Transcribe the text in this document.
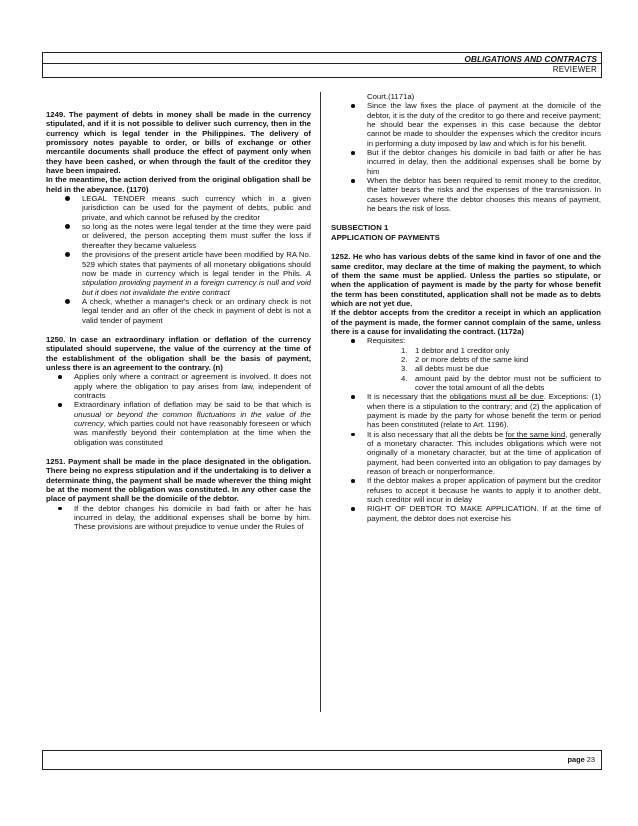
OBLIGATIONS AND CONTRACTS
REVIEWER

1249. The payment of debts in money shall be made in the currency stipulated, and if it is not possible to deliver such currency, then in the currency which is legal tender in the Philippines. The delivery of promissory notes payable to order, or bills of exchange or other mercantile documents shall produce the effect of payment only when they have been cashed, or when through the fault of the creditor they have been impaired.

In the meantime, the action derived from the original obligation shall be held in the abeyance. (1170)

LEGAL TENDER means such currency which in a given jurisdiction can be used for the payment of debts, public and private, and which cannot be refused by the creditor
so long as the notes were legal tender at the time they were paid or delivered, the person accepting them must suffer the loss if thereafter they became valueless
the provisions of the present article have been modified by RA No. 529 which states that payments of all monetary obligations should now be made in currency which is legal tender in the Phils. A stipulation providing payment in a foreign currency is null and void but it does not invalidate the entire contract
A check, whether a manager's check or an ordinary check is not legal tender and an offer of the check in payment of debt is not a valid tender of payment

1250. In case an extraordinary inflation or deflation of the currency stipulated should supervene, the value of the currency at the time of the establishment of the obligation shall be the basis of payment, unless there is an agreement to the contrary. (n)

Applies only where a contract or agreement is involved. It does not apply where the obligation to pay arises from law, independent of contracts
Extraordinary inflation of deflation may be said to be that which is unusual or beyond the common fluctuations in the value of the currency, which parties could not have reasonably foreseen or which was manifestly beyond their contemplation at the time when the obligation was constituted

1251. Payment shall be made in the place designated in the obligation. There being no express stipulation and if the undertaking is to deliver a determinate thing, the payment shall be made wherever the thing might be at the moment the obligation was constituted. In any other case the place of payment shall be the domicile of the debtor.

If the debtor changes his domicile in bad faith or after he has incurred in delay, the additional expenses shall be borne by him. These provisions are without prejudice to venue under the Rules of

Court.(1171a)

Since the law fixes the place of payment at the domicile of the debtor, it is the duty of the creditor to go there and receive payment; he should bear the expenses in this case because the debtor cannot be made to shoulder the expenses which the creditor incurs in performing a duty imposed by law and which is for his benefit.
But if the debtor changes his domicile in bad faith or after he has incurred in delay, then the additional expenses shall be borne by him
When the debtor has been required to remit money to the creditor, the latter bears the risks and the expenses of the transmission. In cases however where the debtor chooses this means of payment, he bears the risk of loss.

SUBSECTION 1

APPLICATION OF PAYMENTS

1252. He who has various debts of the same kind in favor of one and the same creditor, may declare at the time of making the payment, to which of them the same must be applied. Unless the parties so stipulate, or when the application of payment is made by the party for whose benefit the term has been constituted, application shall not be made as to debts which are not yet due.

If the debtor accepts from the creditor a receipt in which an application of the payment is made, the former cannot complain of the same, unless there is a cause for invalidating the contract. (1172a)

Requisites:
1. 1 debtor and 1 creditor only
2. 2 or more debts of the same kind
3. all debts must be due
4. amount paid by the debtor must not be sufficient to cover the total amount of all the debts
It is necessary that the obligations must all be due. Exceptions: (1) when there is a stipulation to the contrary; and (2) the application of payment is made by the party for whose benefit the term or period has been constituted (relate to Art. 1196).
It is also necessary that all the debts be for the same kind, generally of a monetary character. This includes obligations which were not originally of a monetary character, but at the time of application of payment, had been converted into an obligation to pay damages by reason of breach or nonperformance.
If the debtor makes a proper application of payment but the creditor refuses to accept it because he wants to apply it to another debt, such creditor will incur in delay
RIGHT OF DEBTOR TO MAKE APPLICATION. If at the time of payment, the debtor does not exercise his
page 23
